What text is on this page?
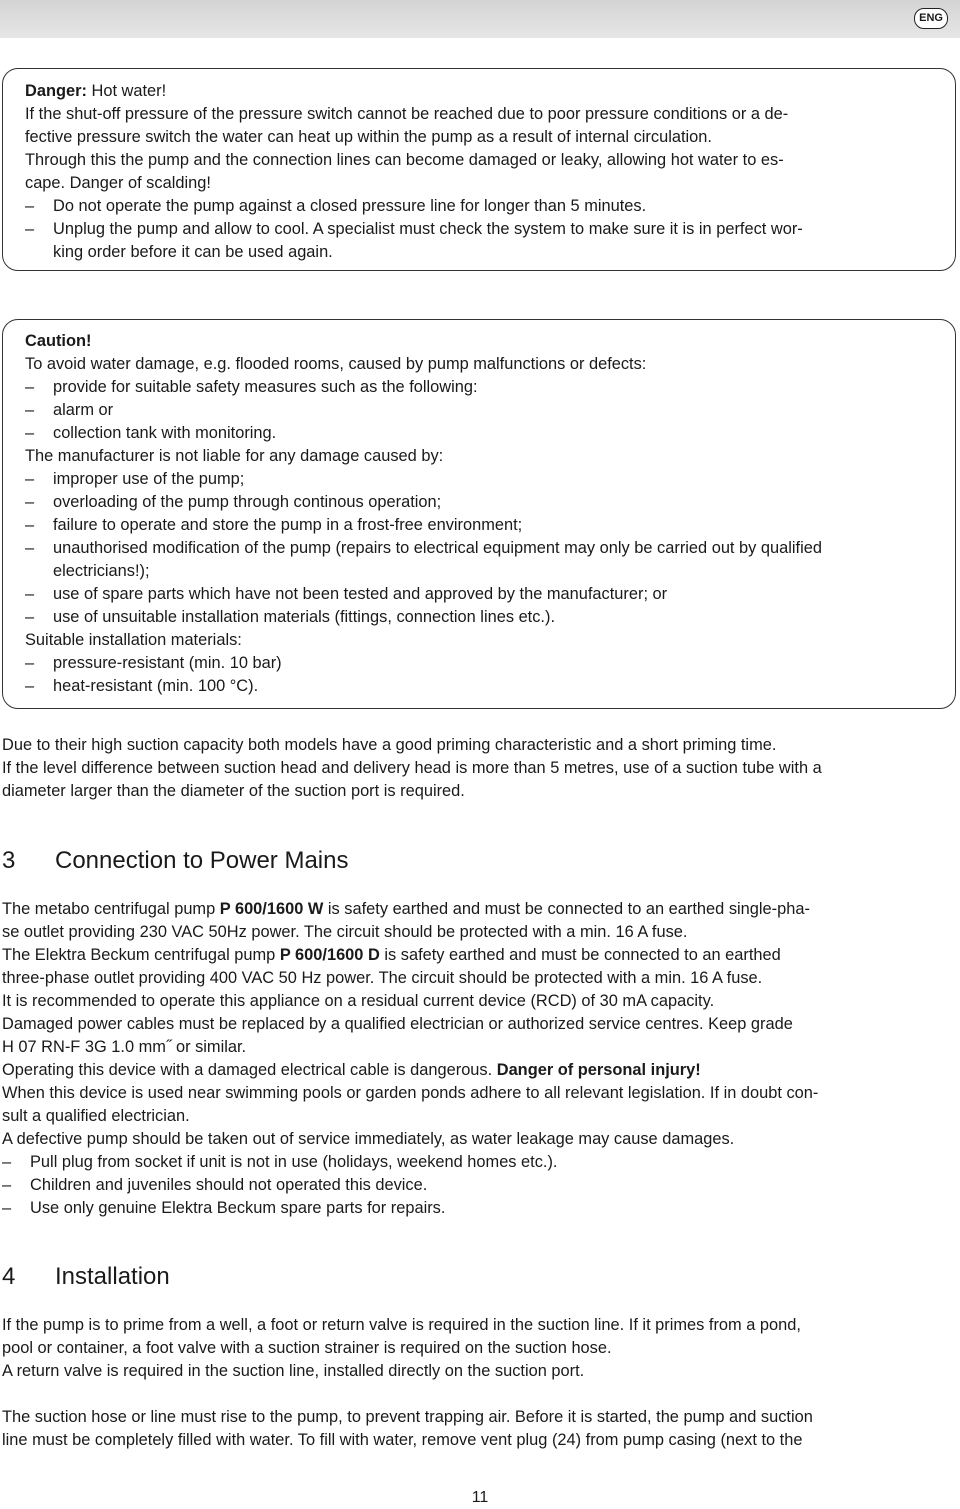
ENG

Danger: Hot water!

If the shut-off pressure of the pressure switch cannot be reached due to poor pressure conditions or a de-

fective pressure switch the water can heat up within the pump as a result of internal circulation.

Through this the pump and the connection lines can become damaged or leaky, allowing hot water to es-

cape. Danger of scalding!

–	Do not operate the pump against a closed pressure line for longer than 5 minutes.
–	Unplug the pump and allow to cool. A specialist must check the system to make sure it is in perfect wor-
king order before it can be used again.

Caution!

To avoid water damage, e.g. flooded rooms, caused by pump malfunctions or defects:

–	provide for suitable safety measures such as the following:
–	alarm or
–	collection tank with monitoring.

The manufacturer is not liable for any damage caused by:

–	improper use of the pump;
–	overloading of the pump through continous operation;
–	failure to operate and store the pump in a frost-free environment;
–	unauthorised modification of the pump (repairs to electrical equipment may only be carried out by qualified
electricians!);
–	use of spare parts which have not been tested and approved by the manufacturer; or
–	use of unsuitable installation materials (fittings, connection lines etc.).

Suitable installation materials:

–	pressure-resistant (min. 10 bar)
–	heat-resistant (min. 100 °C).

Due to their high suction capacity both models have a good priming characteristic and a short priming time.

If the level difference between suction head and delivery head is more than 5 metres, use of a suction tube with a

diameter larger than the diameter of the suction port is required.

3 Connection to Power Mains

The metabo centrifugal pump P 600/1600 W is safety earthed and must be connected to an earthed single-pha-

se outlet providing 230 VAC 50Hz power. The circuit should be protected with a min. 16 A fuse.

The Elektra Beckum centrifugal pump P 600/1600 D is safety earthed and must be connected to an earthed

three-phase outlet providing 400 VAC 50 Hz power. The circuit should be protected with a min. 16 A fuse.

It is recommended to operate this appliance on a residual current device (RCD) of 30 mA capacity.

Damaged power cables must be replaced by a qualified electrician or authorized service centres. Keep grade

H 07 RN-F 3G 1.0 mm˝ or similar.

Operating this device with a damaged electrical cable is dangerous. Danger of personal injury!

When this device is used near swimming pools or garden ponds adhere to all relevant legislation. If in doubt con-

sult a qualified electrician.

A defective pump should be taken out of service immediately, as water leakage may cause damages.

–	Pull plug from socket if unit is not in use (holidays, weekend homes etc.).
–	Children and juveniles should not operated this device.
–	Use only genuine Elektra Beckum spare parts for repairs.
4 Installation

If the pump is to prime from a well, a foot or return valve is required in the suction line. If it primes from a pond,

pool or container, a foot valve with a suction strainer is required on the suction hose.

A return valve is required in the suction line, installed directly on the suction port.

The suction hose or line must rise to the pump, to prevent trapping air. Before it is started, the pump and suction

line must be completely filled with water. To fill with water, remove vent plug (24) from pump casing (next to the

11
